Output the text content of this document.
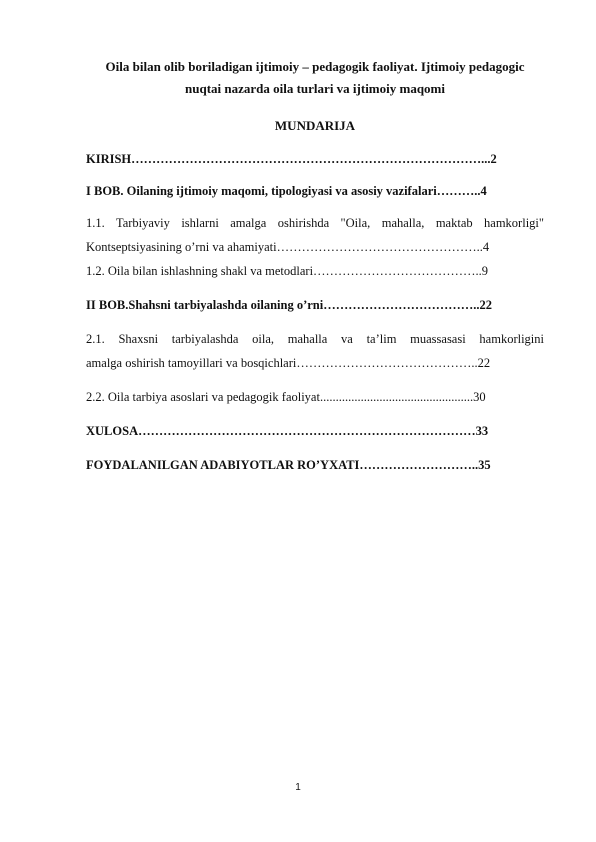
Oila bilan olib boriladigan ijtimoiy – pedagogik faoliyat. Ijtimoiy pedagogic
nuqtai nazarda oila turlari va ijtimoiy maqomi
MUNDARIJA
KIRISH…………………………………………………………………………...2
I BOB. Oilaning ijtimoiy maqomi, tipologiyasi va asosiy vazifalari………..4
1.1. Tarbiyaviy ishlarni amalga oshirishda "Oila, mahalla, maktab hamkorligi"
Kontseptsiyasining o’rni va ahamiyati…………………………………………..4
1.2. Oila bilan ishlashning shakl va metodlari…………………………………..9
II BOB.Shahsni tarbiyalashda oilaning o’rni………………………………..22
2.1. Shaxsni tarbiyalashda oila, mahalla va ta’lim muassasasi hamkorligini
amalga oshirish tamoyillari va bosqichlari……………………………………..22
2.2. Oila tarbiya asoslari va pedagogik faoliyat.................................................30
XULOSA………………………………………………………………………33
FOYDALANILGAN ADABIYOTLAR RO’YXATI………………………..35
1
